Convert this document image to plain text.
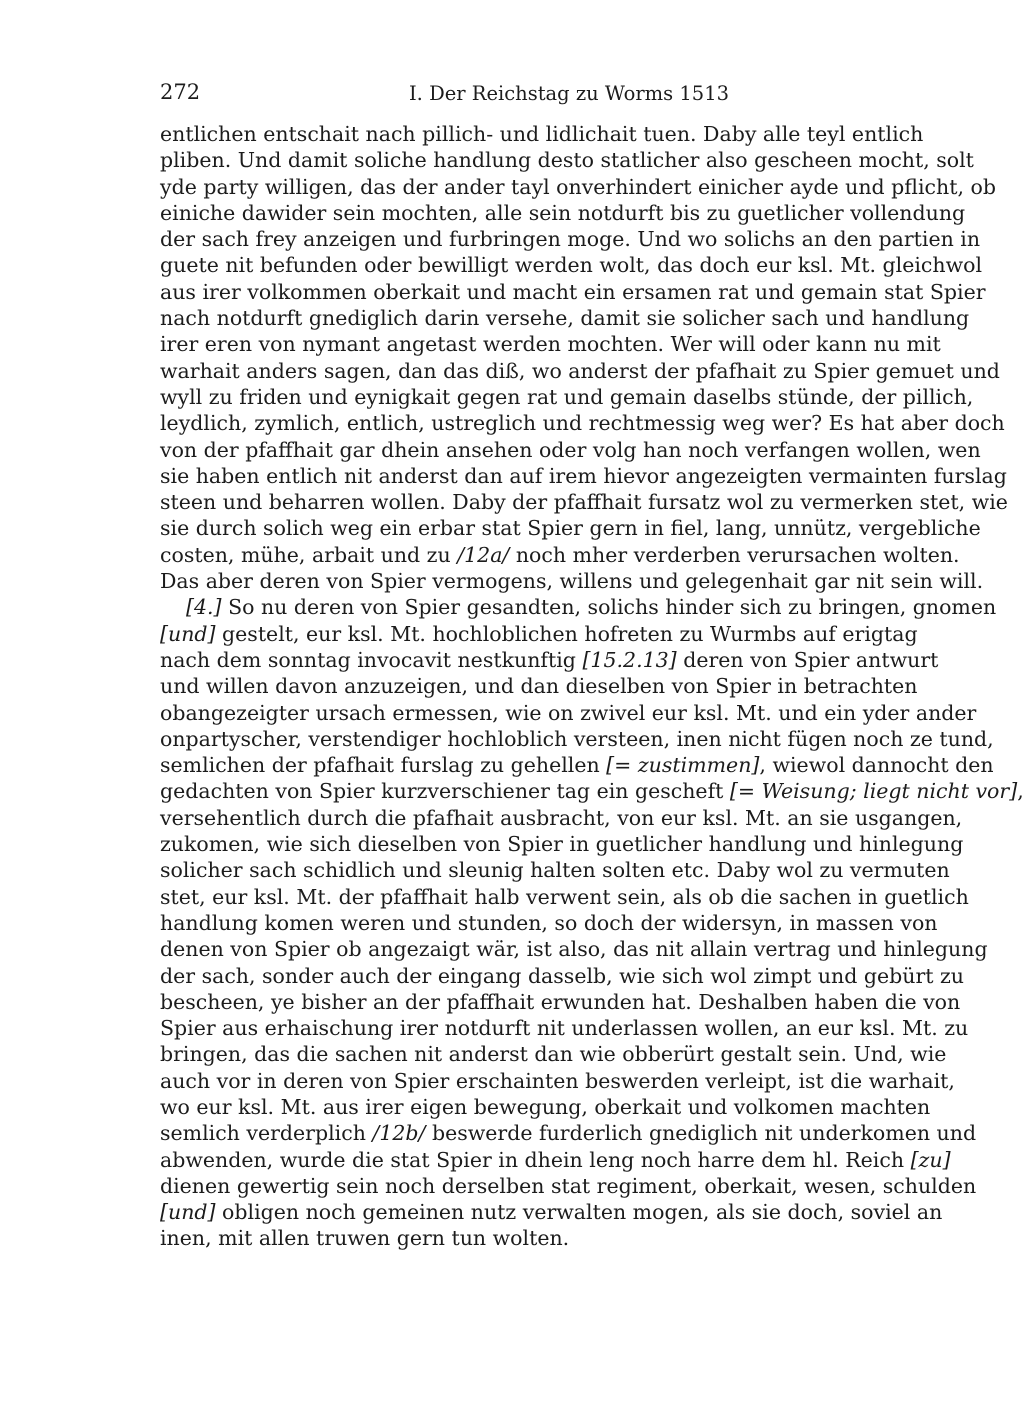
272	I. Der Reichstag zu Worms 1513
entlichen entschait nach pillich- und lidlichait tuen. Daby alle teyl entlich
pliben. Und damit soliche handlung desto statlicher also gescheen mocht, solt
yde party willigen, das der ander tayl onverhindert einicher ayde und pflicht, ob
einiche dawider sein mochten, alle sein notdurft bis zu guetlicher vollendung
der sach frey anzeigen und furbringen moge. Und wo solichs an den partien in
guete nit befunden oder bewilligt werden wolt, das doch eur ksl. Mt. gleichwol
aus irer volkommen oberkait und macht ein ersamen rat und gemain stat Spier
nach notdurft gnediglich darin versehe, damit sie solicher sach und handlung
irer eren von nymant angetast werden mochten. Wer will oder kann nu mit
warhait anders sagen, dan das diß, wo anderst der pfafhait zu Spier gemuet und
wyll zu friden und eynigkait gegen rat und gemain daselbs stünde, der pillich,
leydlich, zymlich, entlich, ustreglich und rechtmessig weg wer? Es hat aber doch
von der pfaffhait gar dhein ansehen oder volg han noch verfangen wollen, wen
sie haben entlich nit anderst dan auf irem hievor angezeigten vermainten furslag
steen und beharren wollen. Daby der pfaffhait fursatz wol zu vermerken stet, wie
sie durch solich weg ein erbar stat Spier gern in fiel, lang, unnütz, vergebliche
costen, mühe, arbait und zu /12a/ noch mher verderben verursachen wolten.
Das aber deren von Spier vermogens, willens und gelegenhait gar nit sein will.
[4.] So nu deren von Spier gesandten, solichs hinder sich zu bringen, gnomen
[und] gestelt, eur ksl. Mt. hochloblichen hofreten zu Wurmbs auf erigtag
nach dem sonntag invocavit nestkunftig [15.2.13] deren von Spier antwurt
und willen davon anzuzeigen, und dan dieselben von Spier in betrachten
obangezeigter ursach ermessen, wie on zwivel eur ksl. Mt. und ein yder ander
onpartyscher, verstendiger hochloblich versteen, inen nicht fügen noch ze tund,
semlichen der pfafhait furslag zu gehellen [= zustimmen], wiewol dannocht den
gedachten von Spier kurzverschiener tag ein gescheft [= Weisung; liegt nicht vor],
versehentlich durch die pfafhait ausbracht, von eur ksl. Mt. an sie usgangen,
zukomen, wie sich dieselben von Spier in guetlicher handlung und hinlegung
solicher sach schidlich und sleunig halten solten etc. Daby wol zu vermuten
stet, eur ksl. Mt. der pfaffhait halb verwent sein, als ob die sachen in guetlich
handlung komen weren und stunden, so doch der widersyn, in massen von
denen von Spier ob angezaigt wär, ist also, das nit allain vertrag und hinlegung
der sach, sonder auch der eingang dasselb, wie sich wol zimpt und gebürt zu
bescheen, ye bisher an der pfaffhait erwunden hat. Deshalben haben die von
Spier aus erhaischung irer notdurft nit underlassen wollen, an eur ksl. Mt. zu
bringen, das die sachen nit anderst dan wie obberürt gestalt sein. Und, wie
auch vor in deren von Spier erschainten beswerden verleipt, ist die warhait,
wo eur ksl. Mt. aus irer eigen bewegung, oberkait und volkomen machten
semlich verderplich /12b/ beswerde furderlich gnediglich nit underkomen und
abwenden, wurde die stat Spier in dhein leng noch harre dem hl. Reich [zu]
dienen gewertig sein noch derselben stat regiment, oberkait, wesen, schulden
[und] obligen noch gemeinen nutz verwalten mogen, als sie doch, soviel an
inen, mit allen truwen gern tun wolten.
